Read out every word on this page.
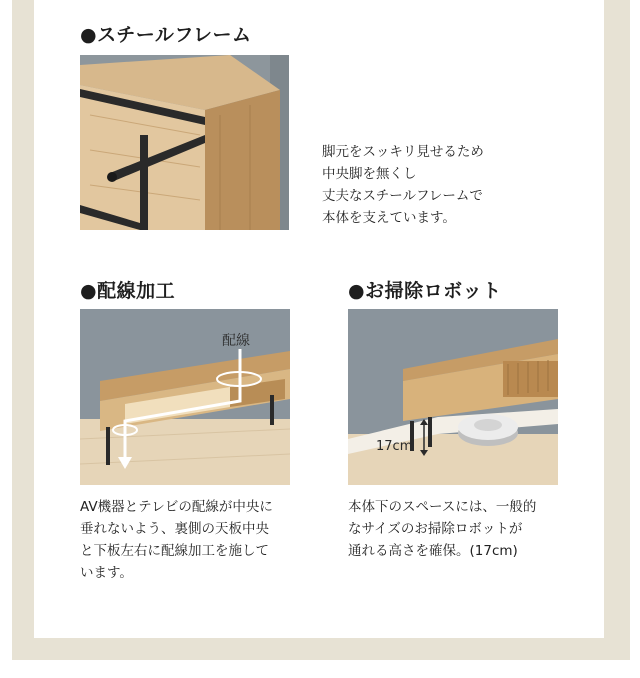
●スチールフレーム
脚元をスッキリ見せるため
中央脚を無くし
丈夫なスチールフレームで
本体を支えています。
●配線加工
配線
AV機器とテレビの配線が中央に
垂れないよう、裏側の天板中央
と下板左右に配線加工を施して
います。
●お掃除ロボット
17cm
本体下のスペースには、一般的
なサイズのお掃除ロボットが
通れる高さを確保。(17cm)
